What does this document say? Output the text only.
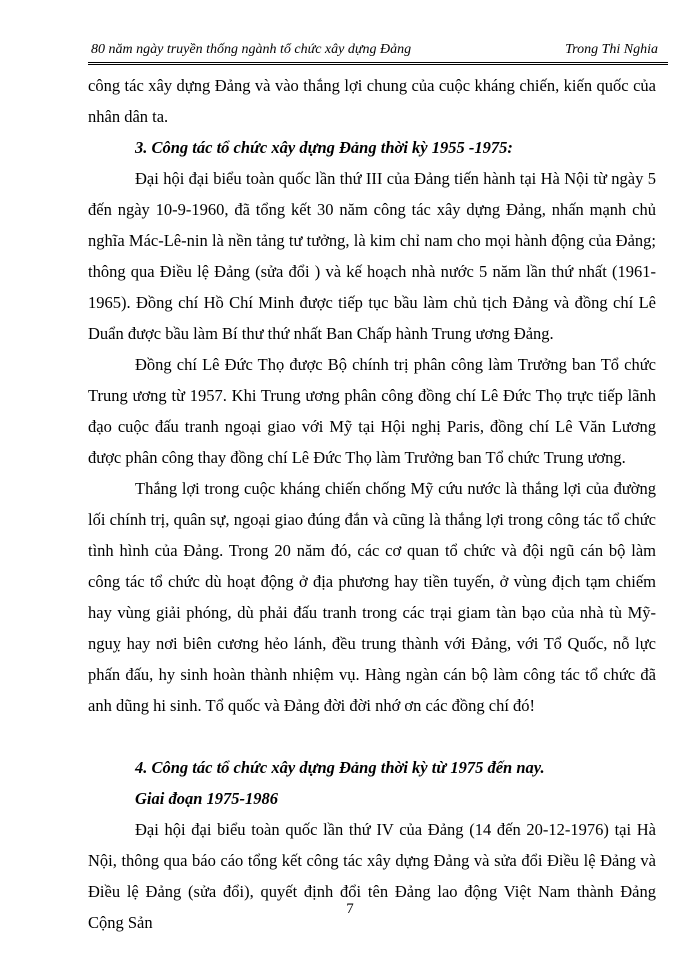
80 năm ngày truyền thống ngành tổ chức xây dựng Đảng	Trong Thi Nghia

công tác xây dựng Đảng và vào thắng lợi chung của cuộc kháng chiến, kiến quốc của nhân dân ta.

3. Công tác tổ chức xây dựng Đảng thời kỳ 1955 -1975:

Đại hội đại biểu toàn quốc lần thứ III của Đảng tiến hành tại Hà Nội từ ngày 5 đến ngày 10-9-1960, đã tổng kết 30 năm công tác xây dựng Đảng, nhấn mạnh chủ nghĩa Mác-Lê-nin là nền tảng tư tưởng, là kim chỉ nam cho mọi hành động của Đảng; thông qua Điều lệ Đảng (sửa đổi ) và kế hoạch nhà nước 5 năm lần thứ nhất (1961-1965). Đồng chí Hồ Chí Minh được tiếp tục bầu làm chủ tịch Đảng và đồng chí Lê Duẩn được bầu làm Bí thư thứ nhất Ban Chấp hành Trung ương Đảng.

Đồng chí Lê Đức Thọ được Bộ chính trị phân công làm Trưởng ban Tổ chức Trung ương từ 1957. Khi Trung ương phân công đồng chí Lê Đức Thọ trực tiếp lãnh đạo cuộc đấu tranh ngoại giao với Mỹ tại Hội nghị Paris, đồng chí Lê Văn Lương được phân công thay đồng chí Lê Đức Thọ làm Trưởng ban Tổ chức Trung ương.

Thắng lợi trong cuộc kháng chiến chống Mỹ cứu nước là thắng lợi của đường lối chính trị, quân sự, ngoại giao đúng đắn và cũng là thắng lợi trong công tác tổ chức tình hình của Đảng. Trong 20 năm đó, các cơ quan tổ chức và đội ngũ cán bộ làm công tác tổ chức dù hoạt động ở địa phương hay tiền tuyến, ở vùng địch tạm chiếm hay vùng giải phóng, dù phải đấu tranh trong các trại giam tàn bạo của nhà tù Mỹ-nguỵ hay nơi biên cương hẻo lánh, đều trung thành với Đảng, với Tổ Quốc, nỗ lực phấn đấu, hy sinh hoàn thành nhiệm vụ. Hàng ngàn cán bộ làm công tác tổ chức đã anh dũng hi sinh. Tổ quốc và Đảng đời đời nhớ ơn các đồng chí đó!

4. Công tác tổ chức xây dựng Đảng thời kỳ từ 1975 đến nay.

Giai đoạn 1975-1986

Đại hội đại biểu toàn quốc lần thứ IV của Đảng (14 đến 20-12-1976) tại Hà Nội, thông qua báo cáo tổng kết công tác xây dựng Đảng và sửa đổi Điều lệ Đảng và Điều lệ Đảng (sửa đổi), quyết định đổi tên Đảng lao động Việt Nam thành Đảng Cộng Sản

7
